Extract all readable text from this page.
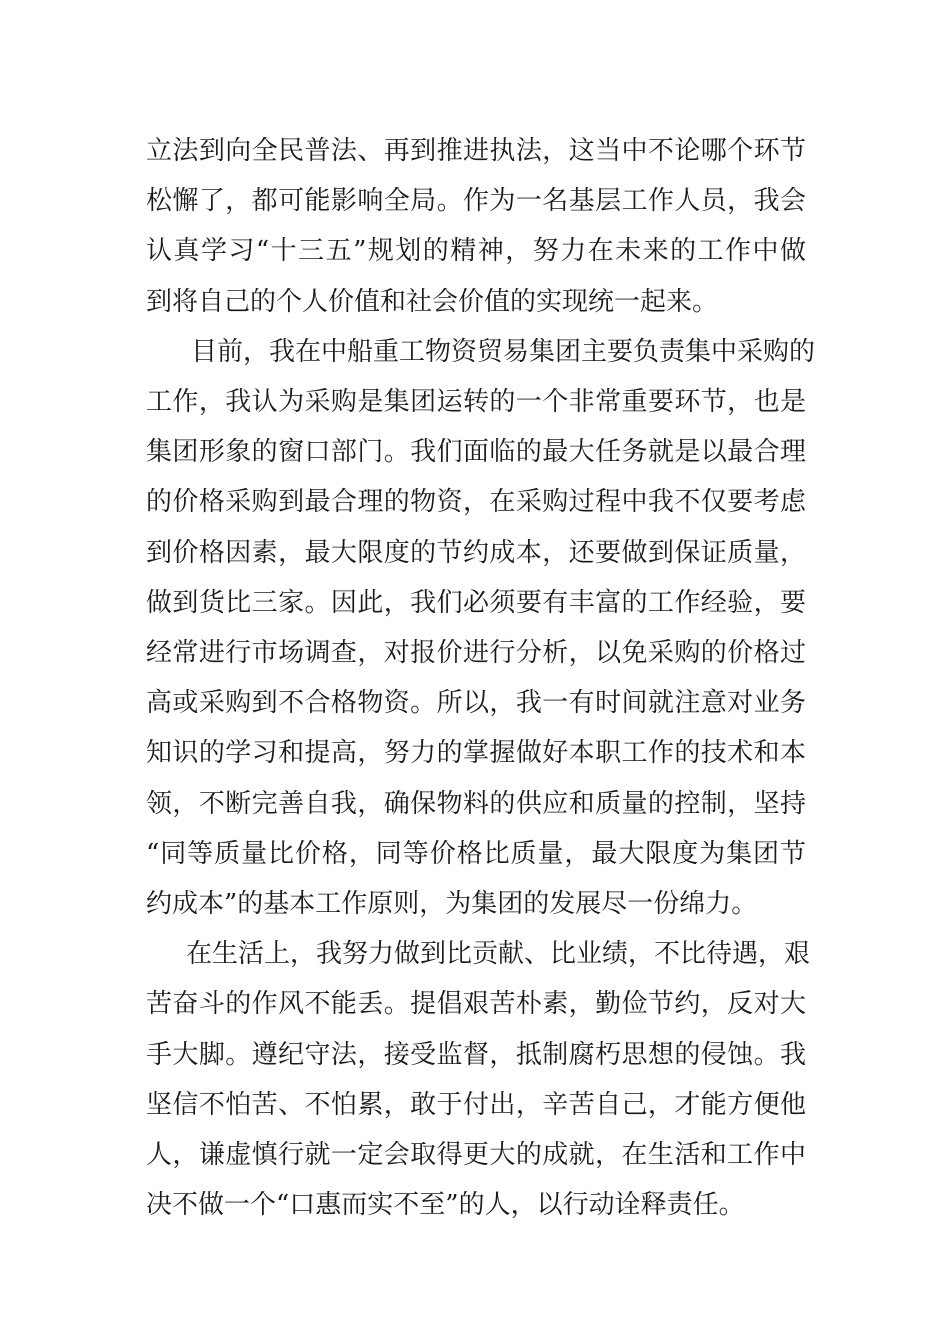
立法到向全民普法、再到推进执法，这当中不论哪个环节
松懈了，都可能影响全局。作为一名基层工作人员，我会
认真学习“十三五”规划的精神，努力在未来的工作中做
到将自己的个人价值和社会价值的实现统一起来。

目前，我在中船重工物资贸易集团主要负责集中采购的
工作，我认为采购是集团运转的一个非常重要环节，也是
集团形象的窗口部门。我们面临的最大任务就是以最合理
的价格采购到最合理的物资，在采购过程中我不仅要考虑
到价格因素，最大限度的节约成本，还要做到保证质量，
做到货比三家。因此，我们必须要有丰富的工作经验，要
经常进行市场调查，对报价进行分析，以免采购的价格过
高或采购到不合格物资。所以，我一有时间就注意对业务
知识的学习和提高，努力的掌握做好本职工作的技术和本
领，不断完善自我，确保物料的供应和质量的控制，坚持
“同等质量比价格，同等价格比质量，最大限度为集团节
约成本”的基本工作原则，为集团的发展尽一份绵力。

在生活上，我努力做到比贡献、比业绩，不比待遇，艰
苦奋斗的作风不能丢。提倡艰苦朴素，勤俭节约，反对大
手大脚。遵纪守法，接受监督，抵制腐朽思想的侵蚀。我
坚信不怕苦、不怕累，敢于付出，辛苦自己，才能方便他
人，谦虚慎行就一定会取得更大的成就，在生活和工作中
决不做一个“口惠而实不至”的人，以行动诠释责任。
